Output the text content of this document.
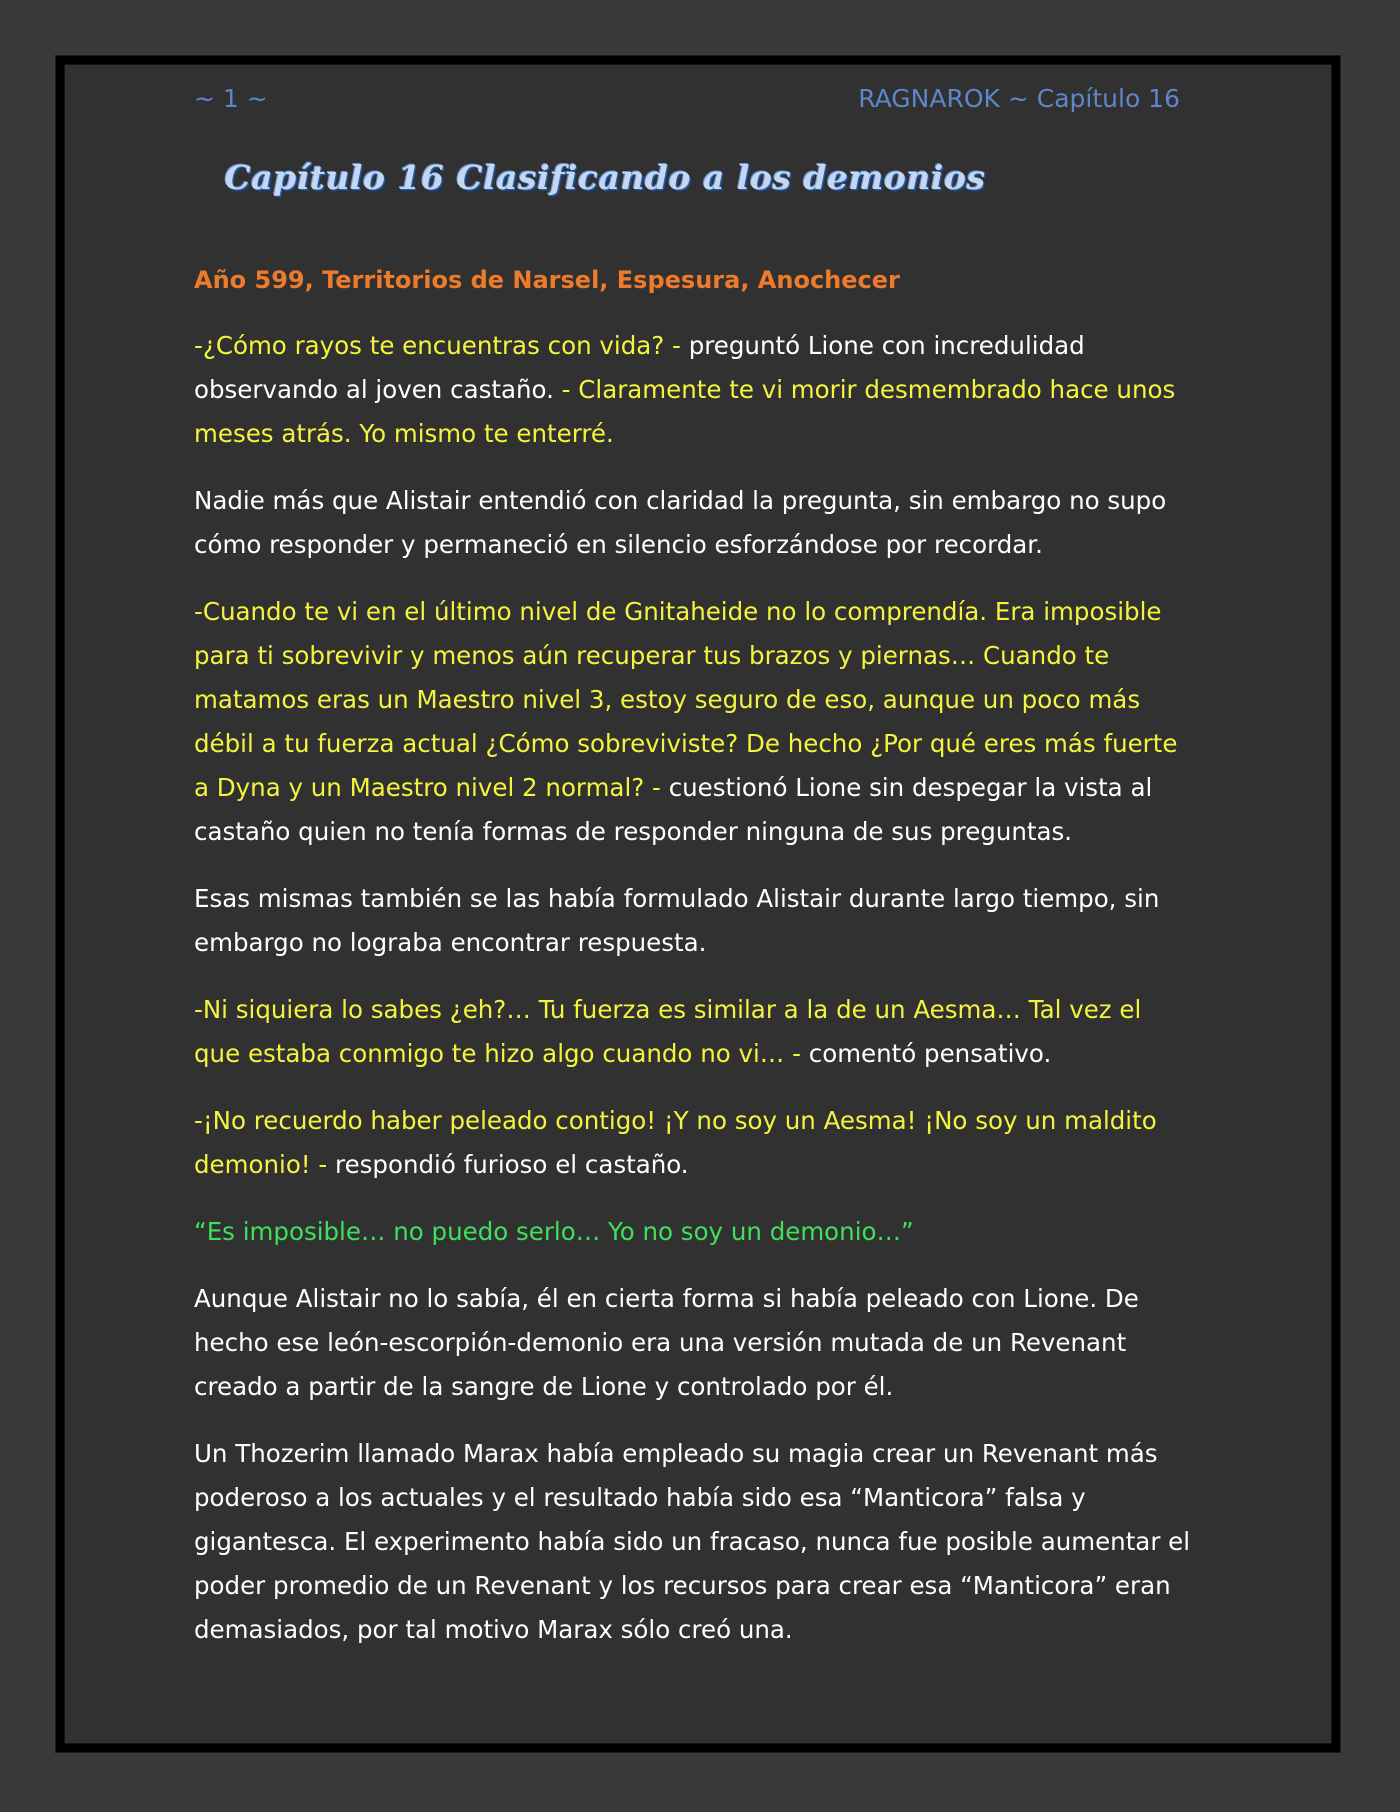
~ 1 ~	RAGNAROK ~ Capítulo 16
Capítulo 16 Clasificando a los demonios

Año 599, Territorios de Narsel, Espesura, Anochecer

-¿Cómo rayos te encuentras con vida? - preguntó Lione con incredulidad observando al joven castaño. - Claramente te vi morir desmembrado hace unos meses atrás. Yo mismo te enterré.

Nadie más que Alistair entendió con claridad la pregunta, sin embargo no supo cómo responder y permaneció en silencio esforzándose por recordar.

-Cuando te vi en el último nivel de Gnitaheide no lo comprendía. Era imposible para ti sobrevivir y menos aún recuperar tus brazos y piernas… Cuando te matamos eras un Maestro nivel 3, estoy seguro de eso, aunque un poco más débil a tu fuerza actual ¿Cómo sobreviviste? De hecho ¿Por qué eres más fuerte a Dyna y un Maestro nivel 2 normal? - cuestionó Lione sin despegar la vista al castaño quien no tenía formas de responder ninguna de sus preguntas.

Esas mismas también se las había formulado Alistair durante largo tiempo, sin embargo no lograba encontrar respuesta.

-Ni siquiera lo sabes ¿eh?… Tu fuerza es similar a la de un Aesma… Tal vez el que estaba conmigo te hizo algo cuando no vi… - comentó pensativo.

-¡No recuerdo haber peleado contigo! ¡Y no soy un Aesma! ¡No soy un maldito demonio! - respondió furioso el castaño.

“Es imposible… no puedo serlo… Yo no soy un demonio…”

Aunque Alistair no lo sabía, él en cierta forma si había peleado con Lione. De hecho ese león-escorpión-demonio era una versión mutada de un Revenant creado a partir de la sangre de Lione y controlado por él.

Un Thozerim llamado Marax había empleado su magia crear un Revenant más poderoso a los actuales y el resultado había sido esa “Manticora” falsa y gigantesca. El experimento había sido un fracaso, nunca fue posible aumentar el poder promedio de un Revenant y los recursos para crear esa “Manticora” eran demasiados, por tal motivo Marax sólo creó una.
